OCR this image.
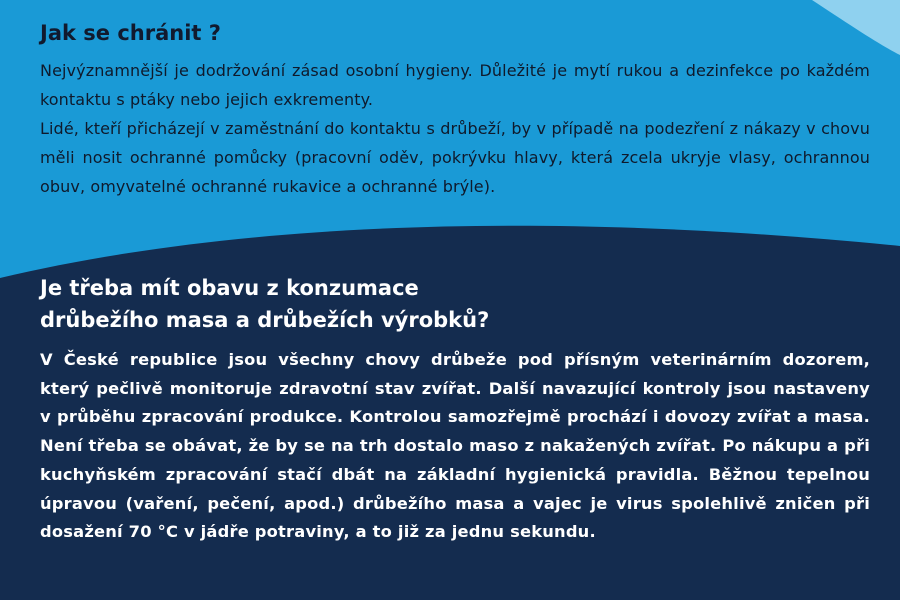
Jak se chránit ?

Nejvýznamnější je dodržování zásad osobní hygieny. Důležité je mytí rukou a dezinfekce po každém kontaktu s ptáky nebo jejich exkrementy.

Lidé, kteří přicházejí v zaměstnání do kontaktu s drůbeží, by v případě na podezření z nákazy v chovu měli nosit ochranné pomůcky (pracovní oděv, pokrývku hlavy, která zcela ukryje vlasy, ochrannou obuv, omyvatelné ochranné rukavice a ochranné brýle).

Je třeba mít obavu z konzumace
drůbežího masa a drůbežích výrobků?

V České republice jsou všechny chovy drůbeže pod přísným veterinárním dozorem, který pečlivě monitoruje zdravotní stav zvířat. Další navazující kontroly jsou nastaveny v průběhu zpracování produkce. Kontrolou samozřejmě prochází i dovozy zvířat a masa. Není třeba se obávat, že by se na trh dostalo maso z nakažených zvířat. Po nákupu a při kuchyňském zpracování stačí dbát na základní hygienická pravidla. Běžnou tepelnou úpravou (vaření, pečení, apod.) drůbežího masa a vajec je virus spolehlivě zničen při dosažení 70 °C v jádře potraviny, a to již za jednu sekundu.
